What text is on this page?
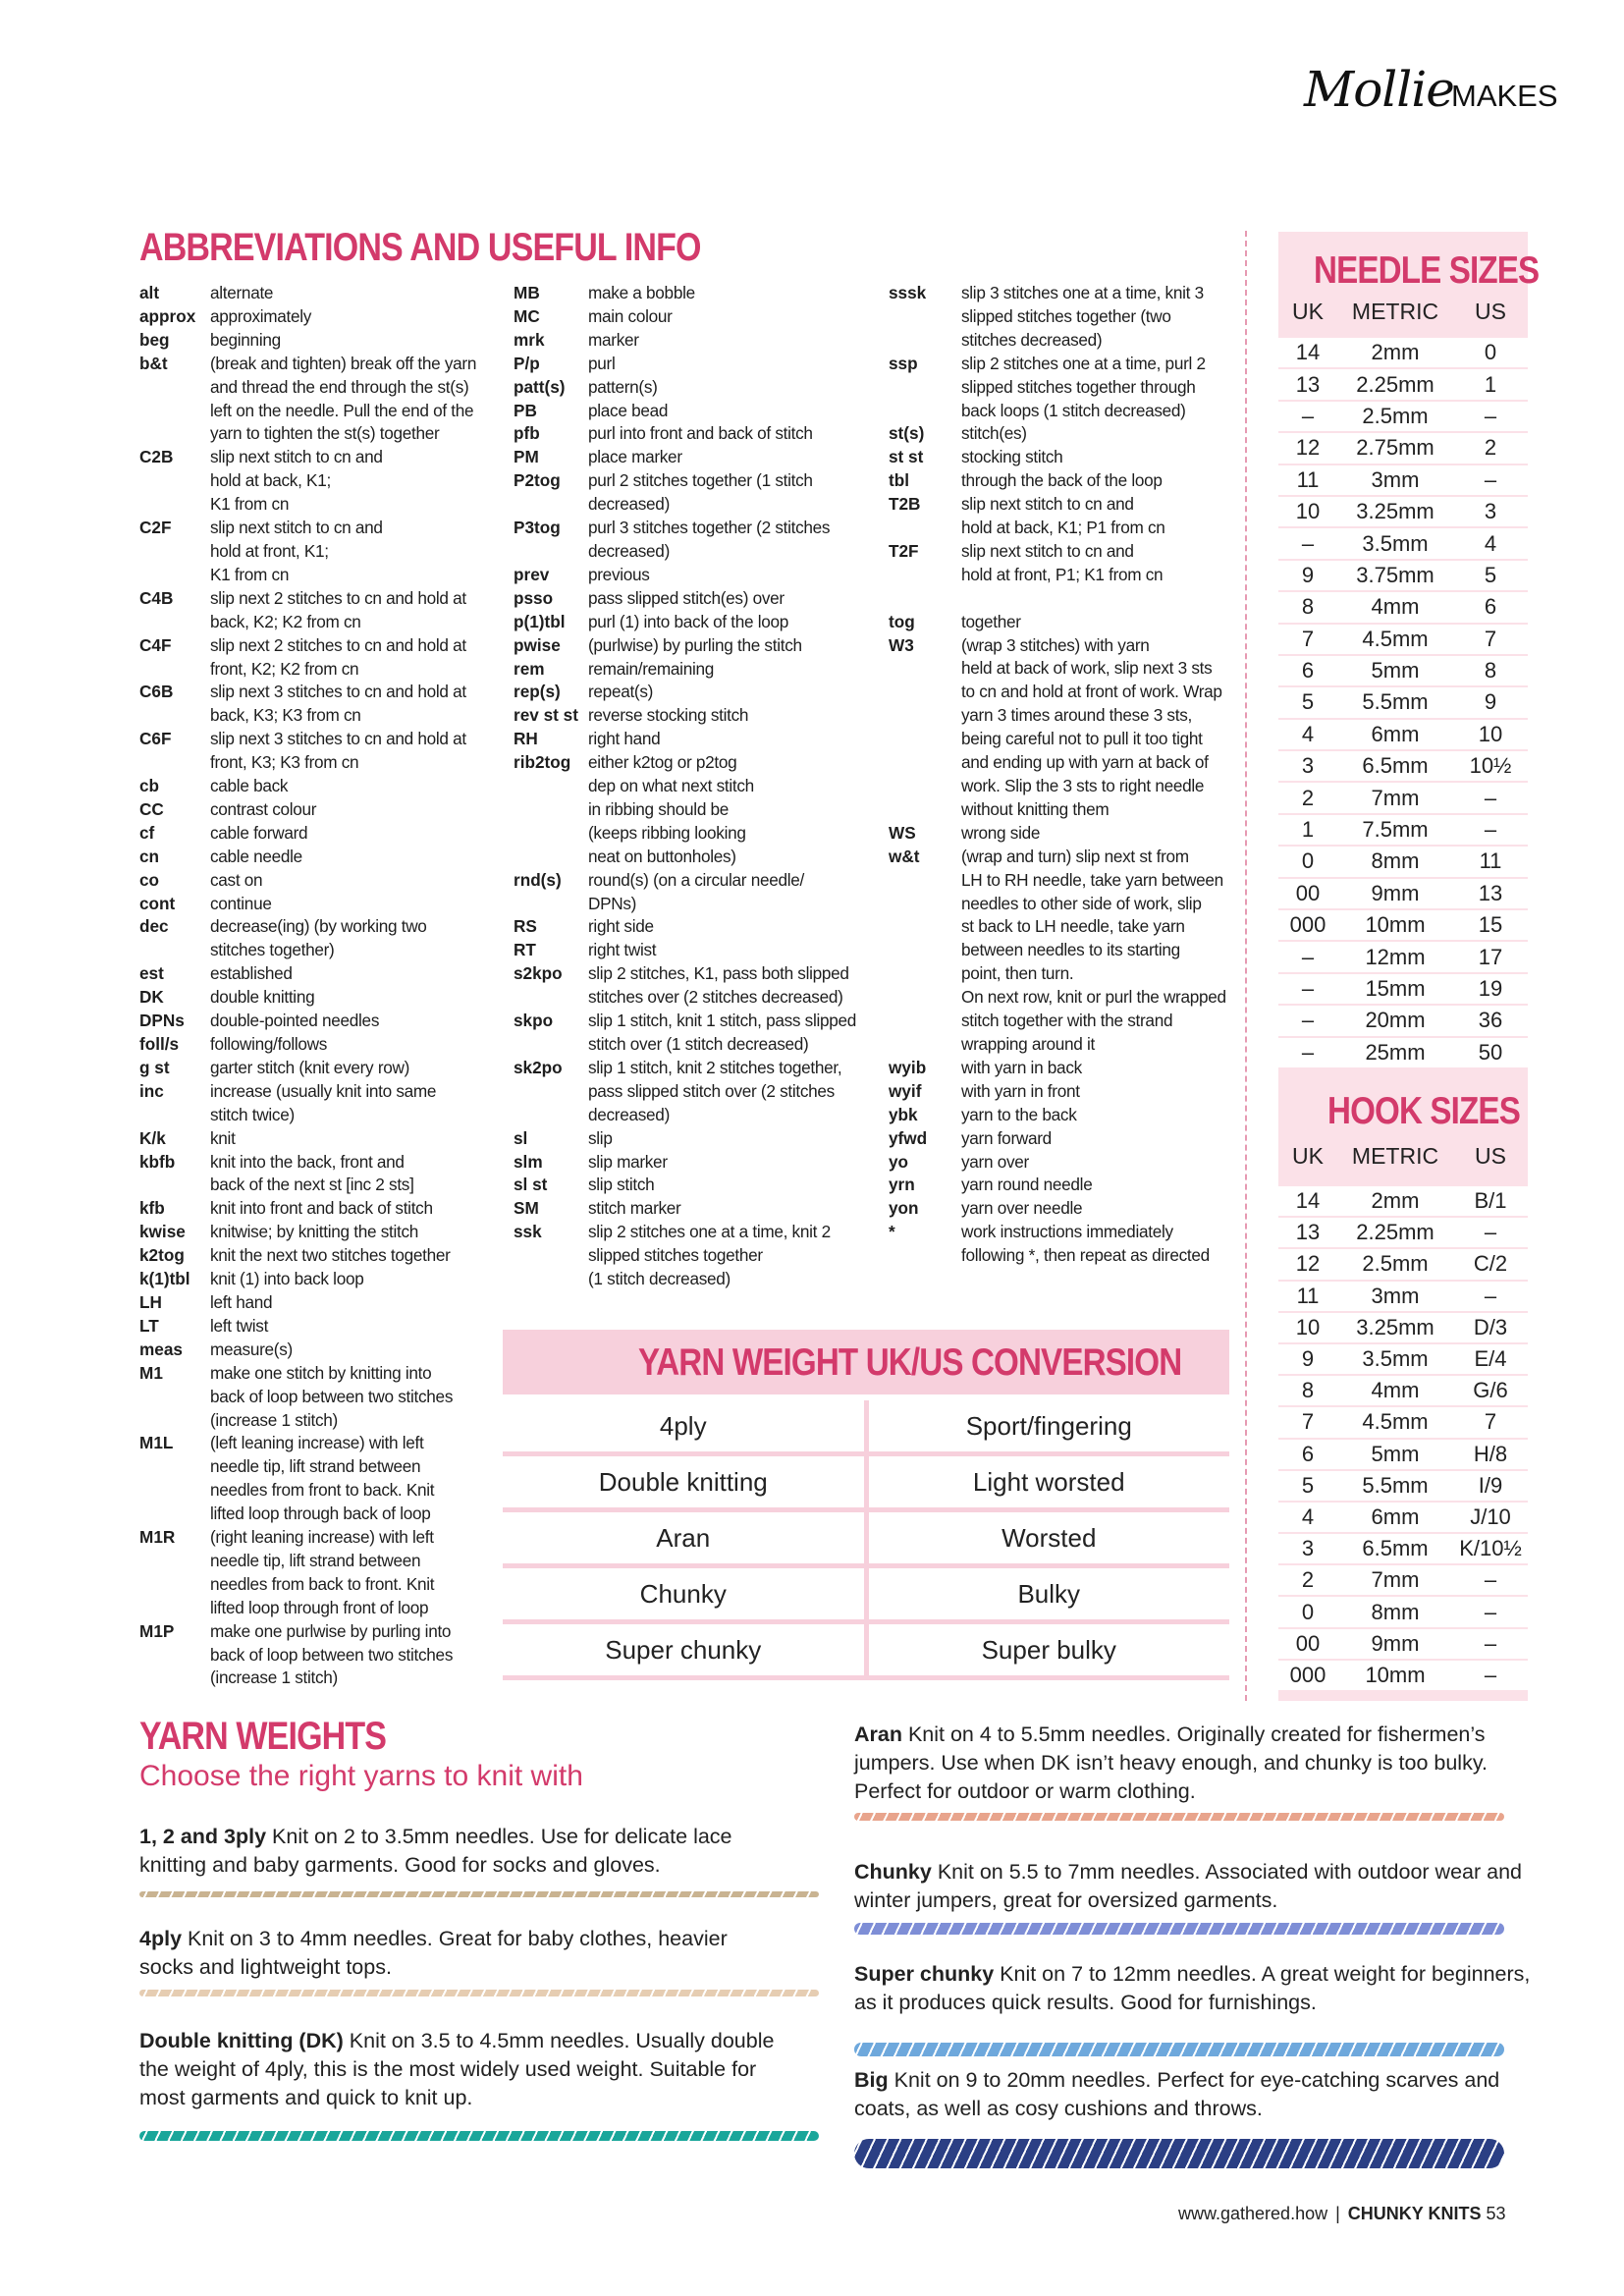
Mollie
MAKES
ABBREVIATIONS AND USEFUL INFO
alt	alternate
approx approximately
beg	beginning
b&t	(break and tighten) break off the yarn
and thread the end through the st(s)
left on the needle. Pull the end of the
yarn to tighten the st(s) together
C2B	slip next stitch to cn and
hold at back, K1;
K1 from cn
C2F	slip next stitch to cn and
hold at front, K1;
K1 from cn
C4B	slip next 2 stitches to cn and hold at
back, K2; K2 from cn
C4F	slip next 2 stitches to cn and hold at
front, K2; K2 from cn
C6B	slip next 3 stitches to cn and hold at
back, K3; K3 from cn
C6F	slip next 3 stitches to cn and hold at
front, K3; K3 from cn
cb	cable back
CC	contrast colour
cf	cable forward
cn	cable needle
co	cast on
cont	continue
dec	decrease(ing) (by working two
stitches together)
est	established
DK	double knitting
DPNs	double-pointed needles
foll/s	following/follows
g st	garter stitch (knit every row)
inc	increase (usually knit into same
stitch twice)
K/k	knit
kbfb	knit into the back, front and
back of the next st [inc 2 sts]
kfb	knit into front and back of stitch
kwise	knitwise; by knitting the stitch
k2tog	knit the next two stitches together
k(1)tbl	knit (1) into back loop
LH	left hand
LT	left twist
meas	measure(s)
M1	make one stitch by knitting into
back of loop between two stitches
(increase 1 stitch)
M1L	(left leaning increase) with left
needle tip, lift strand between
needles from front to back. Knit
lifted loop through back of loop
M1R	(right leaning increase) with left
needle tip, lift strand between
needles from back to front. Knit
lifted loop through front of loop
M1P	make one purlwise by purling into
back of loop between two stitches
(increase 1 stitch)
MB	make a bobble
MC	main colour
mrk	marker
P/p	purl
patt(s)	pattern(s)
PB	place bead
pfb	purl into front and back of stitch
PM	place marker
P2tog	purl 2 stitches together (1 stitch
decreased)
P3tog	purl 3 stitches together (2 stitches
decreased)
prev	previous
psso	pass slipped stitch(es) over
p(1)tbl	purl (1) into back of the loop
pwise	(purlwise) by purling the stitch
rem	remain/remaining
rep(s)	repeat(s)
rev st st reverse stocking stitch
RH	right hand
rib2tog	either k2tog or p2tog
dep on what next stitch
in ribbing should be
(keeps ribbing looking
neat on buttonholes)
rnd(s)	round(s) (on a circular needle/
DPNs)
RS	right side
RT	right twist
s2kpo	slip 2 stitches, K1, pass both slipped
stitches over (2 stitches decreased)
skpo	slip 1 stitch, knit 1 stitch, pass slipped
stitch over (1 stitch decreased)
sk2po	slip 1 stitch, knit 2 stitches together,
pass slipped stitch over (2 stitches
decreased)
sl	slip
slm	slip marker
sl st	slip stitch
SM	stitch marker
ssk	slip 2 stitches one at a time, knit 2
slipped stitches together
(1 stitch decreased)
sssk	slip 3 stitches one at a time, knit 3
slipped stitches together (two
stitches decreased)
ssp	slip 2 stitches one at a time, purl 2
slipped stitches together through
back loops (1 stitch decreased)
st(s)	stitch(es)
st st	stocking stitch
tbl	through the back of the loop
T2B	slip next stitch to cn and
hold at back, K1; P1 from cn
T2F	slip next stitch to cn and
hold at front, P1; K1 from cn
tog	together
W3	(wrap 3 stitches) with yarn
held at back of work, slip next 3 sts
to cn and hold at front of work. Wrap
yarn 3 times around these 3 sts,
being careful not to pull it too tight
and ending up with yarn at back of
work. Slip the 3 sts to right needle
without knitting them
WS	wrong side
w&t	(wrap and turn) slip next st from
LH to RH needle, take yarn between
needles to other side of work, slip
st back to LH needle, take yarn
between needles to its starting
point, then turn.
On next row, knit or purl the wrapped
stitch together with the strand
wrapping around it
wyib	with yarn in back
wyif	with yarn in front
ybk	yarn to the back
yfwd	yarn forward
yo	yarn over
yrn	yarn round needle
yon	yarn over needle
*	work instructions immediately
following *, then repeat as directed
NEEDLE SIZES
UK	METRIC	US
14	2mm	0
13	2.25mm	1
–	2.5mm	–
12	2.75mm	2
11	3mm	–
10	3.25mm	3
–	3.5mm	4
9	3.75mm	5
8	4mm	6
7	4.5mm	7
6	5mm	8
5	5.5mm	9
4	6mm	10
3	6.5mm	10½
2	7mm	–
1	7.5mm	–
0	8mm	11
00	9mm	13
000	10mm	15
–	12mm	17
–	15mm	19
–	20mm	36
–	25mm	50
HOOK SIZES
UK	METRIC	US
14	2mm	B/1
13	2.25mm	–
12	2.5mm	C/2
11	3mm	–
10	3.25mm	D/3
9	3.5mm	E/4
8	4mm	G/6
7	4.5mm	7
6	5mm	H/8
5	5.5mm	I/9
4	6mm	J/10
3	6.5mm	K/10½
2	7mm	–
0	8mm	–
00	9mm	–
000	10mm	–
YARN WEIGHT UK/US CONVERSION
4ply	Sport/fingering
Double knitting	Light worsted
Aran	Worsted
Chunky	Bulky
Super chunky	Super bulky
YARN WEIGHTS
Choose the right yarns to knit with
1, 2 and 3ply Knit on 2 to 3.5mm needles. Use for delicate lace knitting and baby garments. Good for socks and gloves.
4ply Knit on 3 to 4mm needles. Great for baby clothes, heavier socks and lightweight tops.
Double knitting (DK) Knit on 3.5 to 4.5mm needles. Usually double the weight of 4ply, this is the most widely used weight. Suitable for most garments and quick to knit up.
Aran Knit on 4 to 5.5mm needles. Originally created for fishermen’s jumpers. Use when DK isn’t heavy enough, and chunky is too bulky. Perfect for outdoor or warm clothing.
Chunky Knit on 5.5 to 7mm needles. Associated with outdoor wear and winter jumpers, great for oversized garments.
Super chunky Knit on 7 to 12mm needles. A great weight for beginners, as it produces quick results. Good for furnishings.
Big Knit on 9 to 20mm needles. Perfect for eye-catching scarves and coats, as well as cosy cushions and throws.
www.gathered.how | CHUNKY KNITS 53
